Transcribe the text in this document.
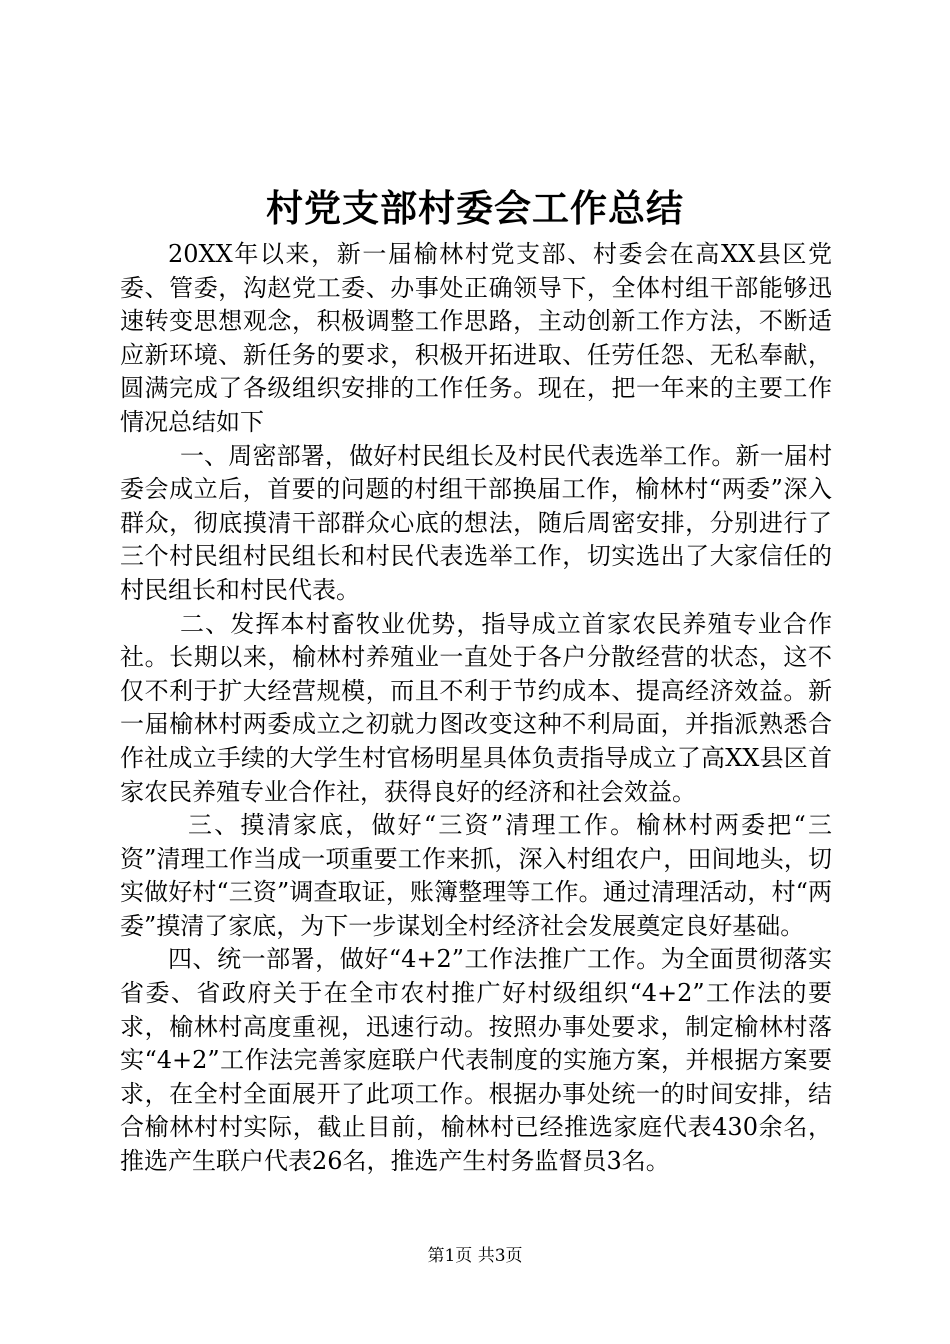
村党支部村委会工作总结

20XX年以来，新一届榆林村党支部、村委会在高XX县区党委、管委，沟赵党工委、办事处正确领导下，全体村组干部能够迅速转变思想观念，积极调整工作思路，主动创新工作方法，不断适应新环境、新任务的要求，积极开拓进取、任劳任怨、无私奉献，圆满完成了各级组织安排的工作任务。现在，把一年来的主要工作情况总结如下

一、周密部署，做好村民组长及村民代表选举工作。新一届村委会成立后，首要的问题的村组干部换届工作，榆林村“两委”深入群众，彻底摸清干部群众心底的想法，随后周密安排，分别进行了三个村民组村民组长和村民代表选举工作，切实选出了大家信任的村民组长和村民代表。

二、发挥本村畜牧业优势，指导成立首家农民养殖专业合作社。长期以来，榆林村养殖业一直处于各户分散经营的状态，这不仅不利于扩大经营规模，而且不利于节约成本、提高经济效益。新一届榆林村两委成立之初就力图改变这种不利局面，并指派熟悉合作社成立手续的大学生村官杨明星具体负责指导成立了高XX县区首家农民养殖专业合作社，获得良好的经济和社会效益。

三、摸清家底，做好“三资”清理工作。榆林村两委把“三资”清理工作当成一项重要工作来抓，深入村组农户，田间地头，切实做好村“三资”调查取证，账簿整理等工作。通过清理活动，村“两委”摸清了家底，为下一步谋划全村经济社会发展奠定良好基础。

四、统一部署，做好“4+2”工作法推广工作。为全面贯彻落实省委、省政府关于在全市农村推广好村级组织“4+2”工作法的要求，榆林村高度重视，迅速行动。按照办事处要求，制定榆林村落实“4+2”工作法完善家庭联户代表制度的实施方案，并根据方案要求，在全村全面展开了此项工作。根据办事处统一的时间安排，结合榆林村村实际，截止目前，榆林村已经推选家庭代表430余名，推选产生联户代表26名，推选产生村务监督员3名。

第1页 共3页
